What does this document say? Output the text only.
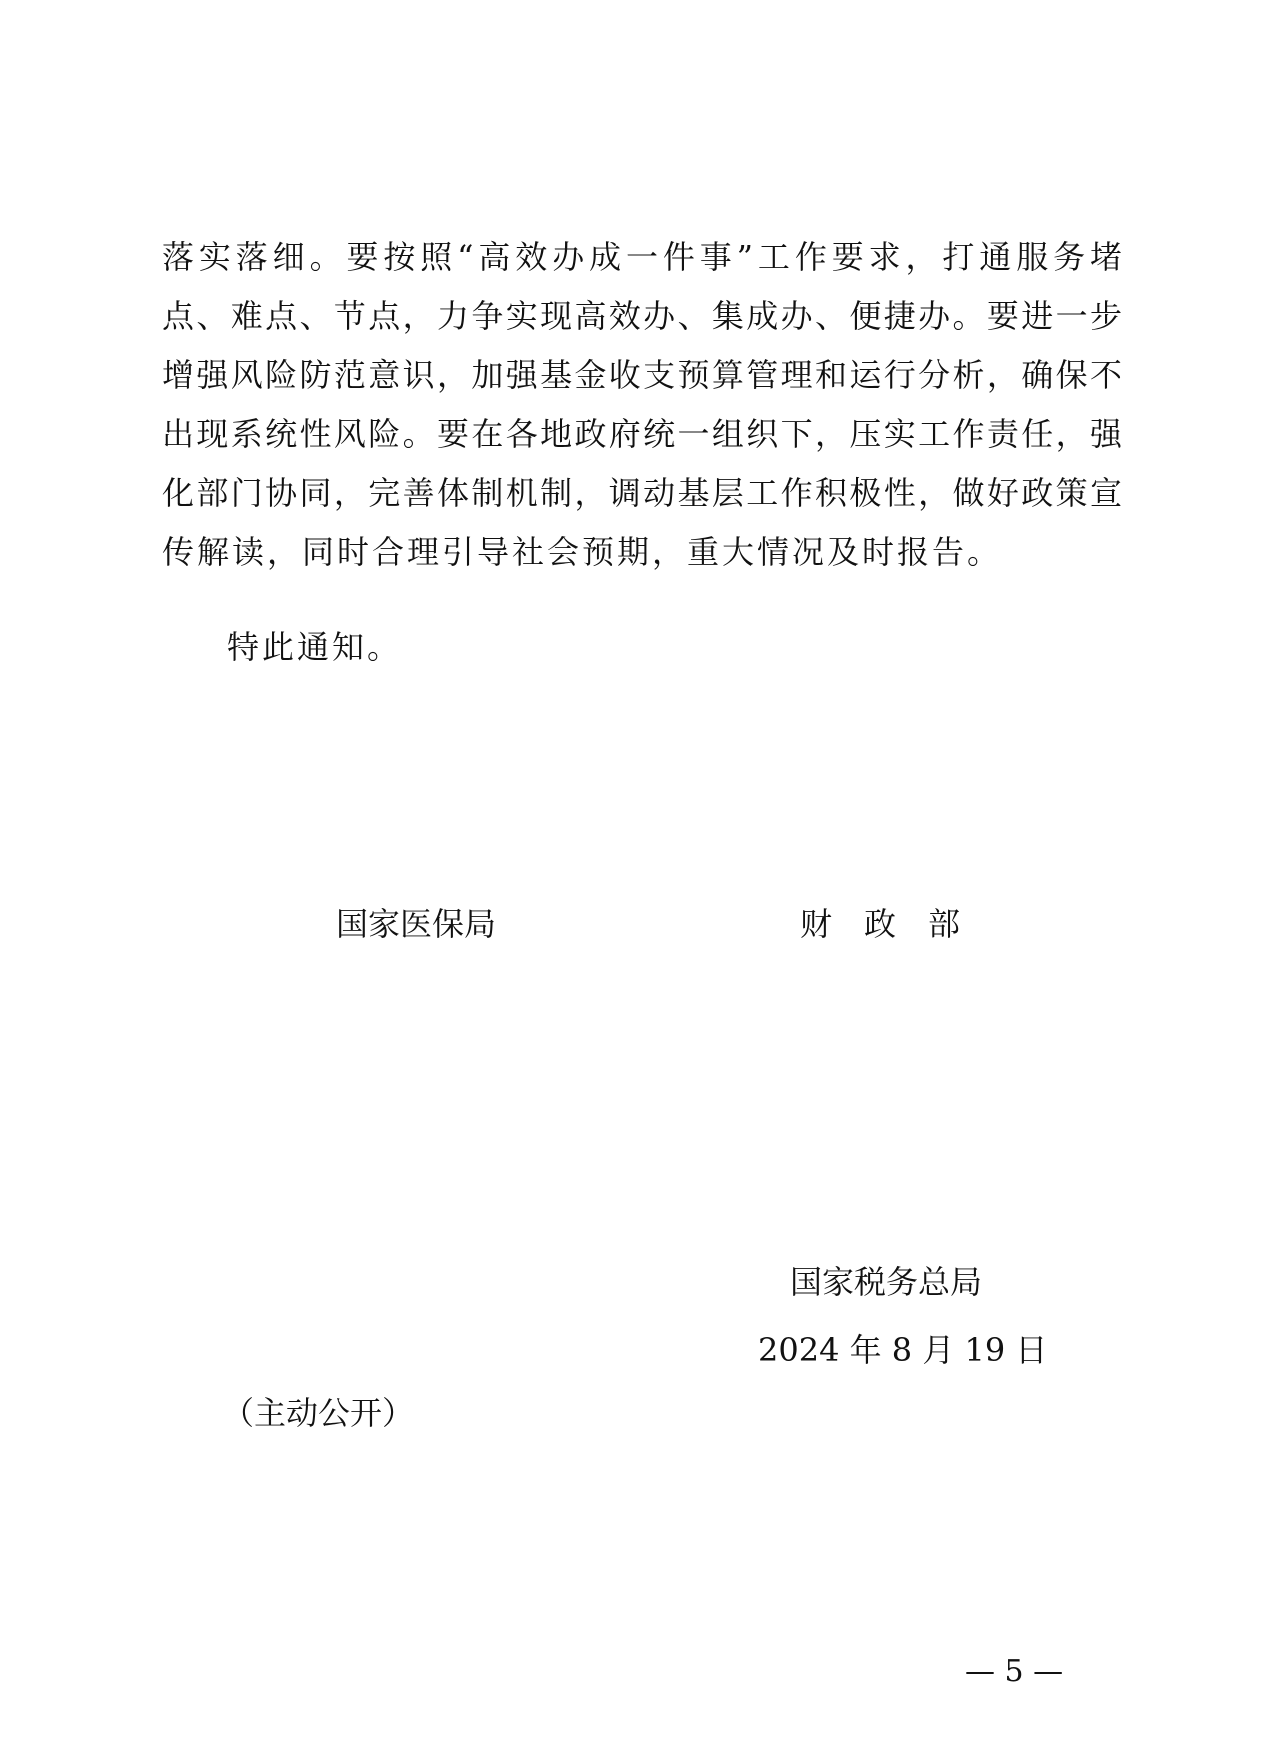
落实落细。要按照“高效办成一件事”工作要求，打通服务堵
点、难点、节点，力争实现高效办、集成办、便捷办。要进一步
增强风险防范意识，加强基金收支预算管理和运行分析，确保不
出现系统性风险。要在各地政府统一组织下，压实工作责任，强
化部门协同，完善体制机制，调动基层工作积极性，做好政策宣
传解读，同时合理引导社会预期，重大情况及时报告。
特此通知。
国家医保局	财　政　部
国家税务总局
2024 年 8 月 19 日
（主动公开）
— 5 —
